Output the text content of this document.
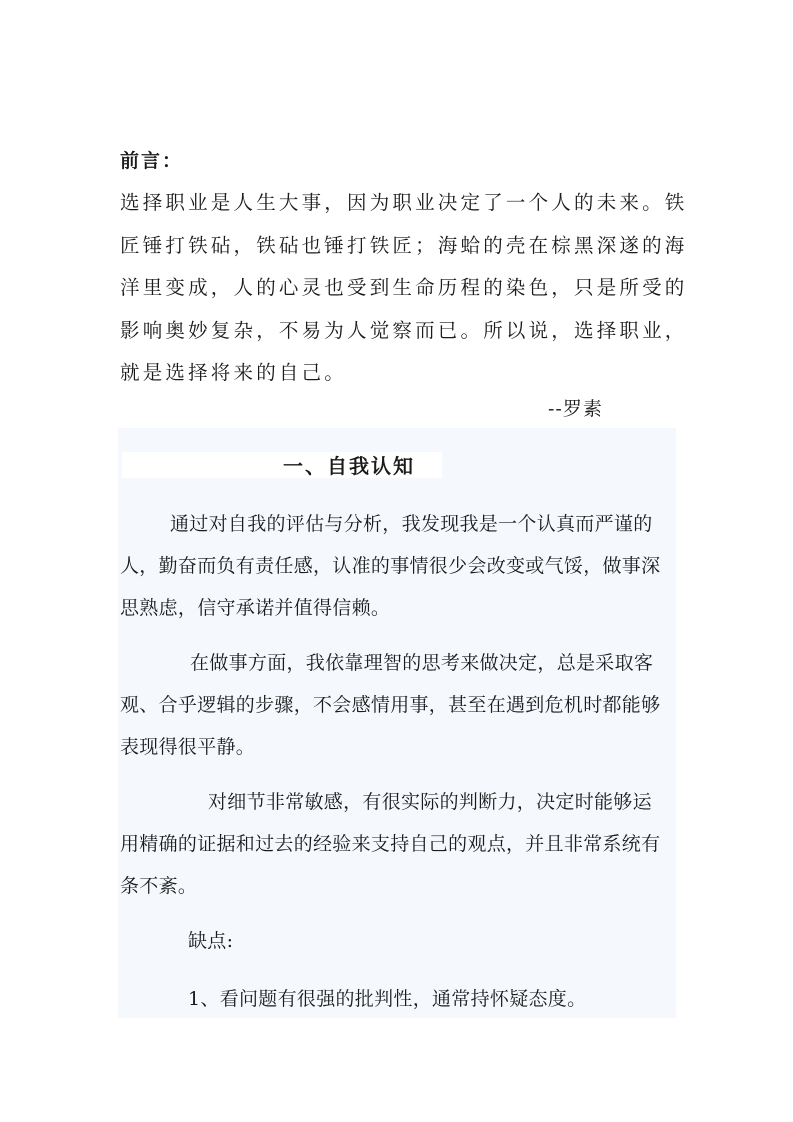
前言：
选择职业是人生大事，因为职业决定了一个人的未来。铁
匠锤打铁砧，铁砧也锤打铁匠；海蛤的壳在棕黑深遂的海
洋里变成，人的心灵也受到生命历程的染色，只是所受的
影响奥妙复杂，不易为人觉察而已。所以说，选择职业，
就是选择将来的自己。
--罗素
一、自我认知
通过对自我的评估与分析，我发现我是一个认真而严谨的
人，勤奋而负有责任感，认准的事情很少会改变或气馁，做事深
思熟虑，信守承诺并值得信赖。
在做事方面，我依靠理智的思考来做决定，总是采取客
观、合乎逻辑的步骤，不会感情用事，甚至在遇到危机时都能够
表现得很平静。
对细节非常敏感，有很实际的判断力，决定时能够运
用精确的证据和过去的经验来支持自己的观点，并且非常系统有
条不紊。
缺点:
1、看问题有很强的批判性，通常持怀疑态度。
